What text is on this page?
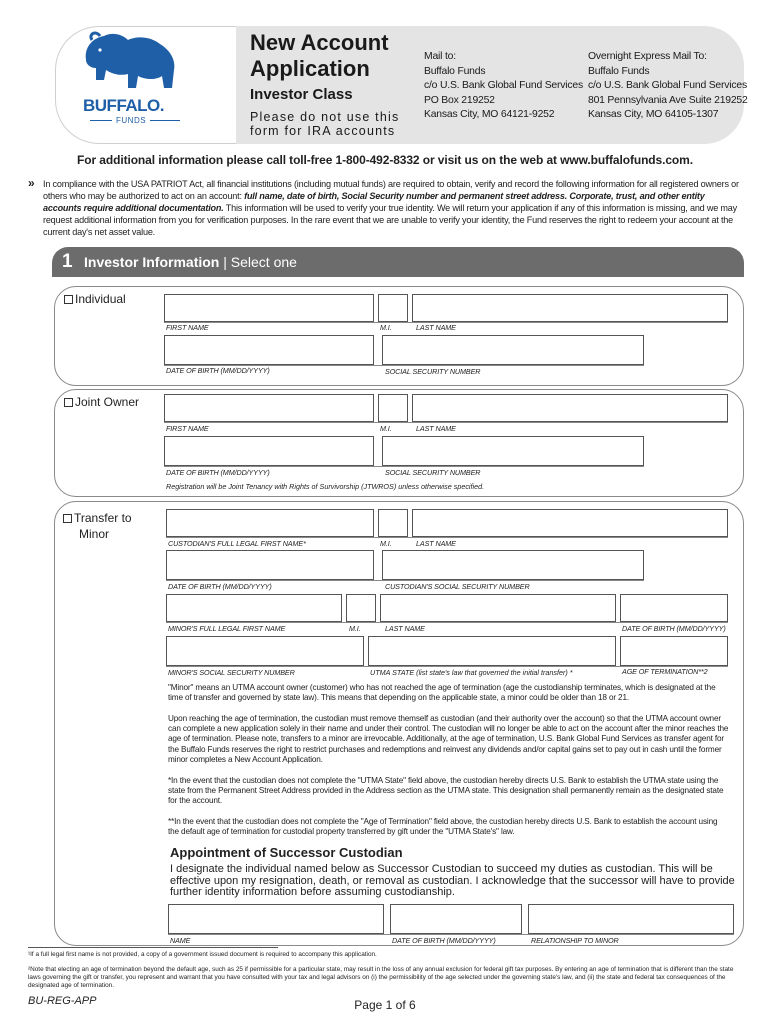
BUFFALO.
FUNDS
New Account Application
Investor Class
Please do not use this form for IRA accounts
Mail to:
Buffalo Funds
c/o U.S. Bank Global Fund Services
PO Box 219252
Kansas City, MO 64121-9252
Overnight Express Mail To:
Buffalo Funds
c/o U.S. Bank Global Fund Services
801 Pennsylvania Ave Suite 219252
Kansas City, MO 64105-1307
For additional information please call toll-free 1-800-492-8332 or visit us on the web at www.buffalofunds.com.
» In compliance with the USA PATRIOT Act, all financial institutions (including mutual funds) are required to obtain, verify and record the following information for all registered owners or others who may be authorized to act on an account: full name, date of birth, Social Security number and permanent street address. Corporate, trust, and other entity accounts require additional documentation. This information will be used to verify your true identity. We will return your application if any of this information is missing, and we may request additional information from you for verification purposes. In the rare event that we are unable to verify your identity, the Fund reserves the right to redeem your account at the current day's net asset value.
1 Investor Information | Select one
Individual
FIRST NAME	M.I.	LAST NAME
DATE OF BIRTH (MM/DD/YYYY)	SOCIAL SECURITY NUMBER
Joint Owner
FIRST NAME	M.I.	LAST NAME
DATE OF BIRTH (MM/DD/YYYY)	SOCIAL SECURITY NUMBER
Registration will be Joint Tenancy with Rights of Survivorship (JTWROS) unless otherwise specified.
Transfer to
Minor
CUSTODIAN'S FULL LEGAL FIRST NAME*	M.I.	LAST NAME
DATE OF BIRTH (MM/DD/YYYY)	CUSTODIAN'S SOCIAL SECURITY NUMBER
MINOR'S FULL LEGAL FIRST NAME	M.I.	LAST NAME	DATE OF BIRTH (MM/DD/YYYY)
MINOR'S SOCIAL SECURITY NUMBER	UTMA STATE (list state's law that governed the initial transfer) *	AGE OF TERMINATION**2
"Minor" means an UTMA account owner (customer) who has not reached the age of termination (age the custodianship terminates, which is designated at the time of transfer and governed by state law). This means that depending on the applicable state, a minor could be older than 18 or 21.
Upon reaching the age of termination, the custodian must remove themself as custodian (and their authority over the account) so that the UTMA account owner can complete a new application solely in their name and under their control. The custodian will no longer be able to act on the account after the minor reaches the age of termination. Please note, transfers to a minor are irrevocable. Additionally, at the age of termination, U.S. Bank Global Fund Services as transfer agent for the Buffalo Funds reserves the right to restrict purchases and redemptions and reinvest any dividends and/or capital gains set to pay out in cash until the former minor completes a New Account Application.
*In the event that the custodian does not complete the "UTMA State" field above, the custodian hereby directs U.S. Bank to establish the UTMA state using the state from the Permanent Street Address provided in the Address section as the UTMA state. This designation shall permanently remain as the designated state for the account.
**In the event that the custodian does not complete the "Age of Termination" field above, the custodian hereby directs U.S. Bank to establish the account using the default age of termination for custodial property transferred by gift under the "UTMA State's" law.
Appointment of Successor Custodian
I designate the individual named below as Successor Custodian to succeed my duties as custodian. This will be effective upon my resignation, death, or removal as custodian. I acknowledge that the successor will have to provide further identity information before assuming custodianship.
NAME	DATE OF BIRTH (MM/DD/YYYY)	RELATIONSHIP TO MINOR
¹If a full legal first name is not provided, a copy of a government issued document is required to accompany this application.
²Note that electing an age of termination beyond the default age, such as 25 if permissible for a particular state, may result in the loss of any annual exclusion for federal gift tax purposes. By entering an age of termination that is different than the state laws governing the gift or transfer, you represent and warrant that you have consulted with your tax and legal advisors on (i) the permissibility of the age selected under the governing state's law, and (ii) the state and federal tax consequences of the designated age of termination.
BU-REG-APP	Page 1 of 6
